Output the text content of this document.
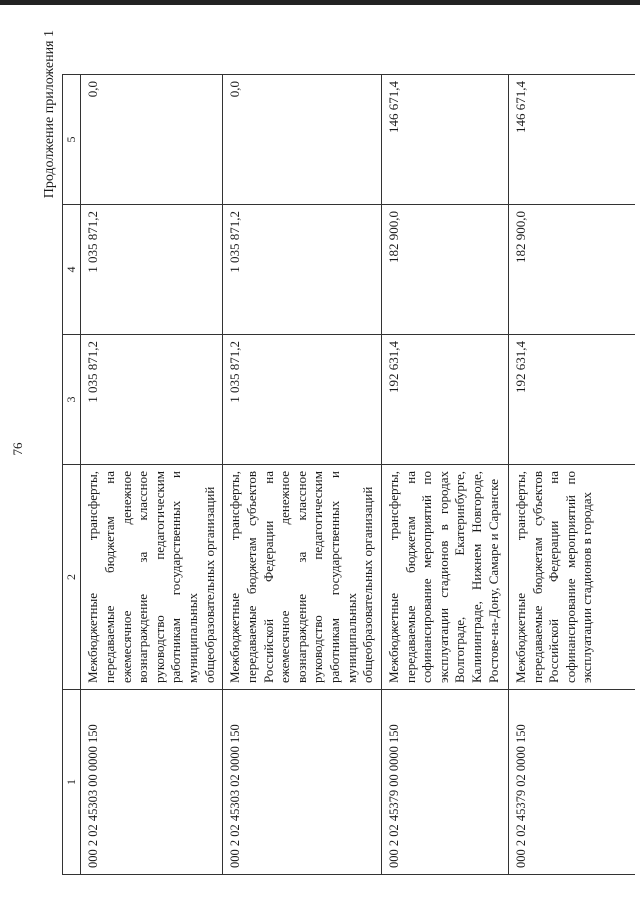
76
Продолжение приложения 1
1	2	3	4	5
000 2 02 45303 00 0000 150	Межбюджетные трансферты, передаваемые бюджетам на ежемесячное денежное вознаграждение за классное руководство педагогическим работникам государственных и муниципальных общеобразовательных организаций	1 035 871,2	1 035 871,2	0,0
000 2 02 45303 02 0000 150	Межбюджетные трансферты, передаваемые бюджетам субъектов Российской Федерации на ежемесячное денежное вознаграждение за классное руководство педагогическим работникам государственных и муниципальных общеобразовательных организаций	1 035 871,2	1 035 871,2	0,0
000 2 02 45379 00 0000 150	Межбюджетные трансферты, передаваемые бюджетам на софинансирование мероприятий по эксплуатации стадионов в городах Волгограде, Екатеринбурге, Калининграде, Нижнем Новгороде, Ростове-на-Дону, Самаре и Саранске	192 631,4	182 900,0	146 671,4
000 2 02 45379 02 0000 150	Межбюджетные трансферты, передаваемые бюджетам субъектов Российской Федерации на софинансирование мероприятий по эксплуатации стадионов в городах	192 631,4	182 900,0	146 671,4
